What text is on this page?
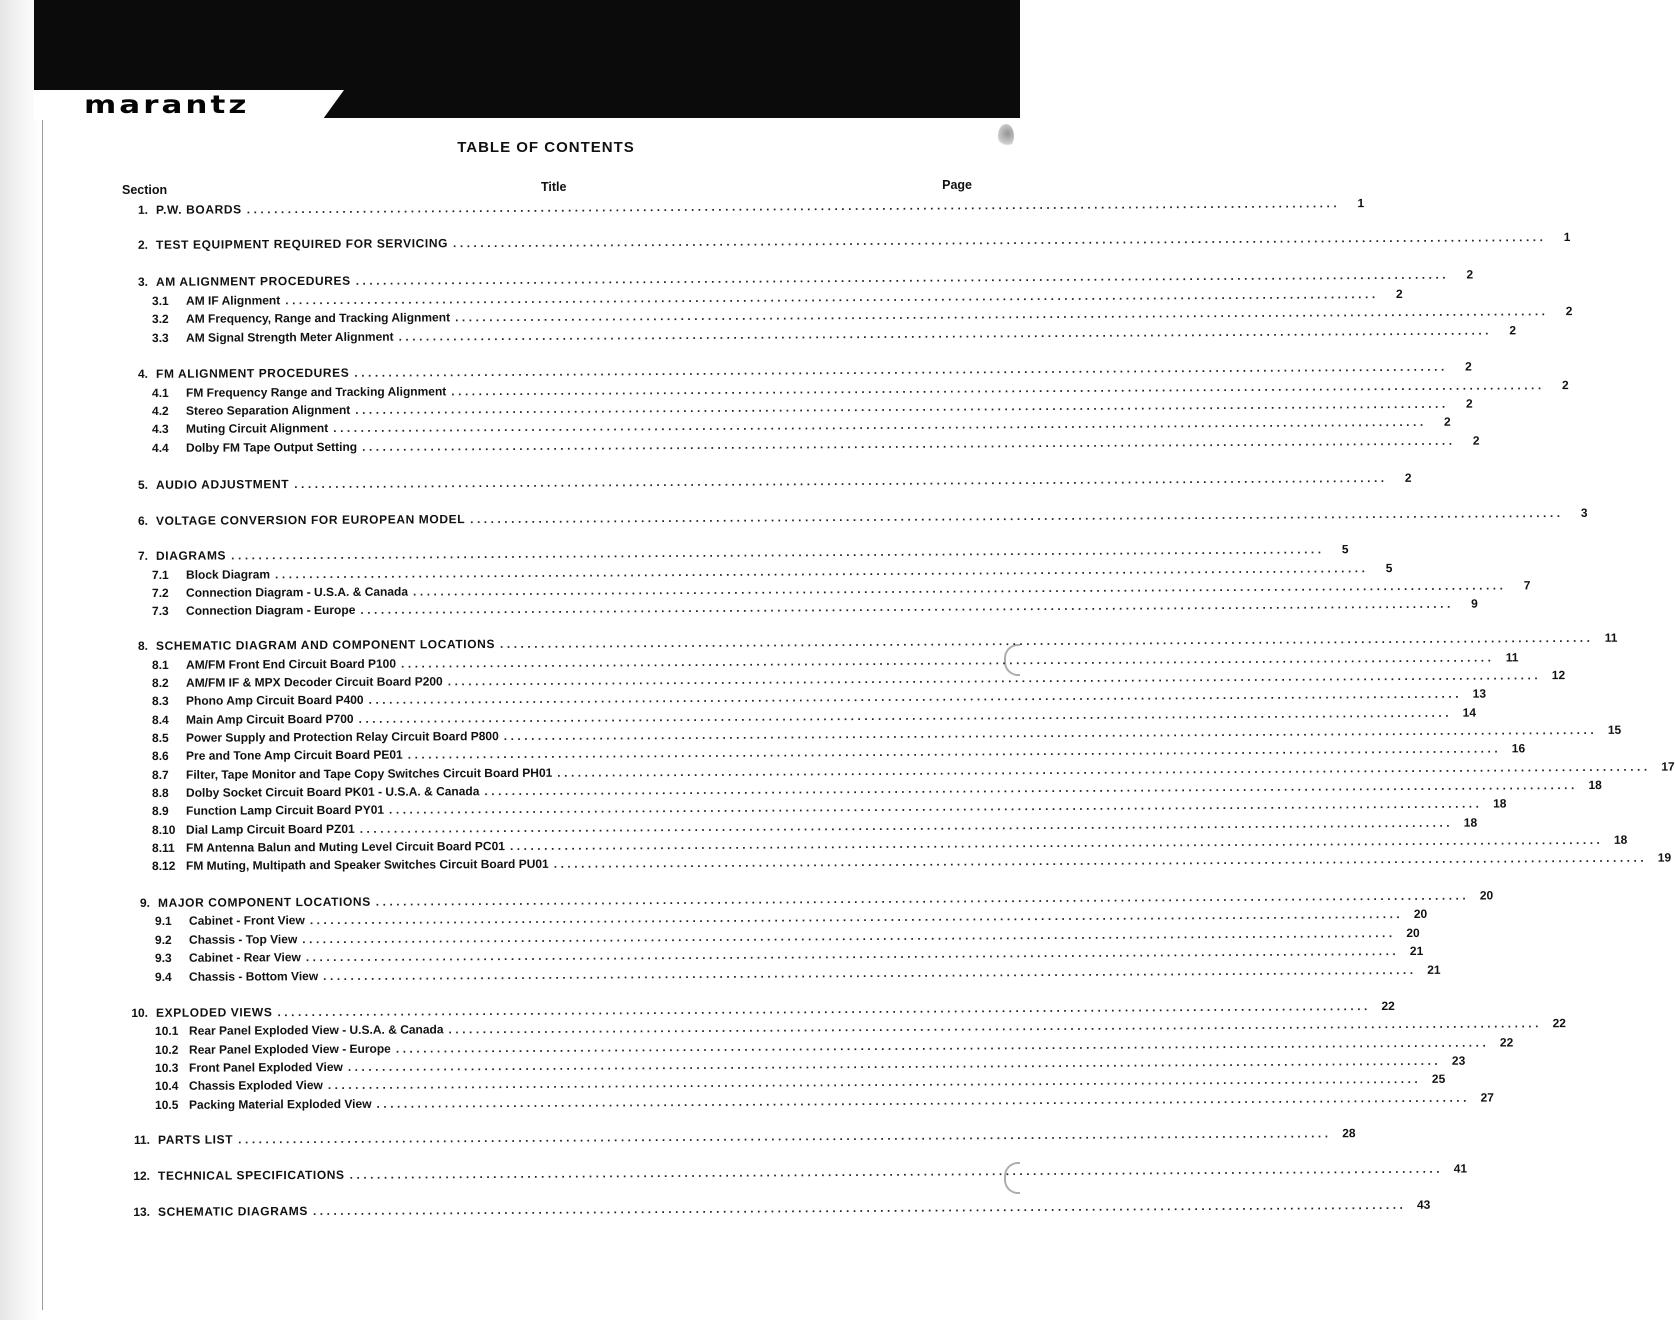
marantz
TABLE OF CONTENTS
Section	Title	Page
1. P.W. BOARDS ................................................................................................................................................................	1
2. TEST EQUIPMENT REQUIRED FOR SERVICING ................................................................................................................................................................	1
3. AM ALIGNMENT PROCEDURES ................................................................................................................................................................	2
3.1	AM IF Alignment ................................................................................................................................................................	2
3.2	AM Frequency, Range and Tracking Alignment ................................................................................................................................................................	2
3.3	AM Signal Strength Meter Alignment ................................................................................................................................................................	2
4. FM ALIGNMENT PROCEDURES ................................................................................................................................................................	2
4.1	FM Frequency Range and Tracking Alignment ................................................................................................................................................................	2
4.2	Stereo Separation Alignment ................................................................................................................................................................	2
4.3	Muting Circuit Alignment ................................................................................................................................................................	2
4.4	Dolby FM Tape Output Setting ................................................................................................................................................................	2
5. AUDIO ADJUSTMENT ................................................................................................................................................................	2
6. VOLTAGE CONVERSION FOR EUROPEAN MODEL ................................................................................................................................................................	3
7. DIAGRAMS ................................................................................................................................................................	5
7.1	Block Diagram ................................................................................................................................................................	5
7.2	Connection Diagram - U.S.A. & Canada ................................................................................................................................................................	7
7.3	Connection Diagram - Europe ................................................................................................................................................................	9
8. SCHEMATIC DIAGRAM AND COMPONENT LOCATIONS ................................................................................................................................................................ 11
8.1	AM/FM Front End Circuit Board P100 ................................................................................................................................................................ 11
8.2	AM/FM IF & MPX Decoder Circuit Board P200 ................................................................................................................................................................ 12
8.3	Phono Amp Circuit Board P400 ................................................................................................................................................................ 13
8.4	Main Amp Circuit Board P700 ................................................................................................................................................................ 14
8.5	Power Supply and Protection Relay Circuit Board P800 ................................................................................................................................................................ 15
8.6	Pre and Tone Amp Circuit Board PE01 ................................................................................................................................................................ 16
8.7	Filter, Tape Monitor and Tape Copy Switches Circuit Board PH01 ................................................................................................................................................................ 17
8.8	Dolby Socket Circuit Board PK01 - U.S.A. & Canada ................................................................................................................................................................ 18
8.9	Function Lamp Circuit Board PY01 ................................................................................................................................................................ 18
8.10 Dial Lamp Circuit Board PZ01 ................................................................................................................................................................ 18
8.11 FM Antenna Balun and Muting Level Circuit Board PC01 ................................................................................................................................................................ 18
8.12 FM Muting, Multipath and Speaker Switches Circuit Board PU01 ................................................................................................................................................................ 19
9. MAJOR COMPONENT LOCATIONS ................................................................................................................................................................ 20
9.1	Cabinet - Front View ................................................................................................................................................................ 20
9.2	Chassis - Top View ................................................................................................................................................................ 20
9.3	Cabinet - Rear View ................................................................................................................................................................ 21
9.4	Chassis - Bottom View ................................................................................................................................................................ 21
10. EXPLODED VIEWS ................................................................................................................................................................ 22
10.1 Rear Panel Exploded View - U.S.A. & Canada ................................................................................................................................................................ 22
10.2 Rear Panel Exploded View - Europe ................................................................................................................................................................ 22
10.3 Front Panel Exploded View ................................................................................................................................................................ 23
10.4 Chassis Exploded View ................................................................................................................................................................ 25
10.5 Packing Material Exploded View ................................................................................................................................................................ 27
11. PARTS LIST ................................................................................................................................................................ 28
12. TECHNICAL SPECIFICATIONS ................................................................................................................................................................ 41
13. SCHEMATIC DIAGRAMS ................................................................................................................................................................ 43
